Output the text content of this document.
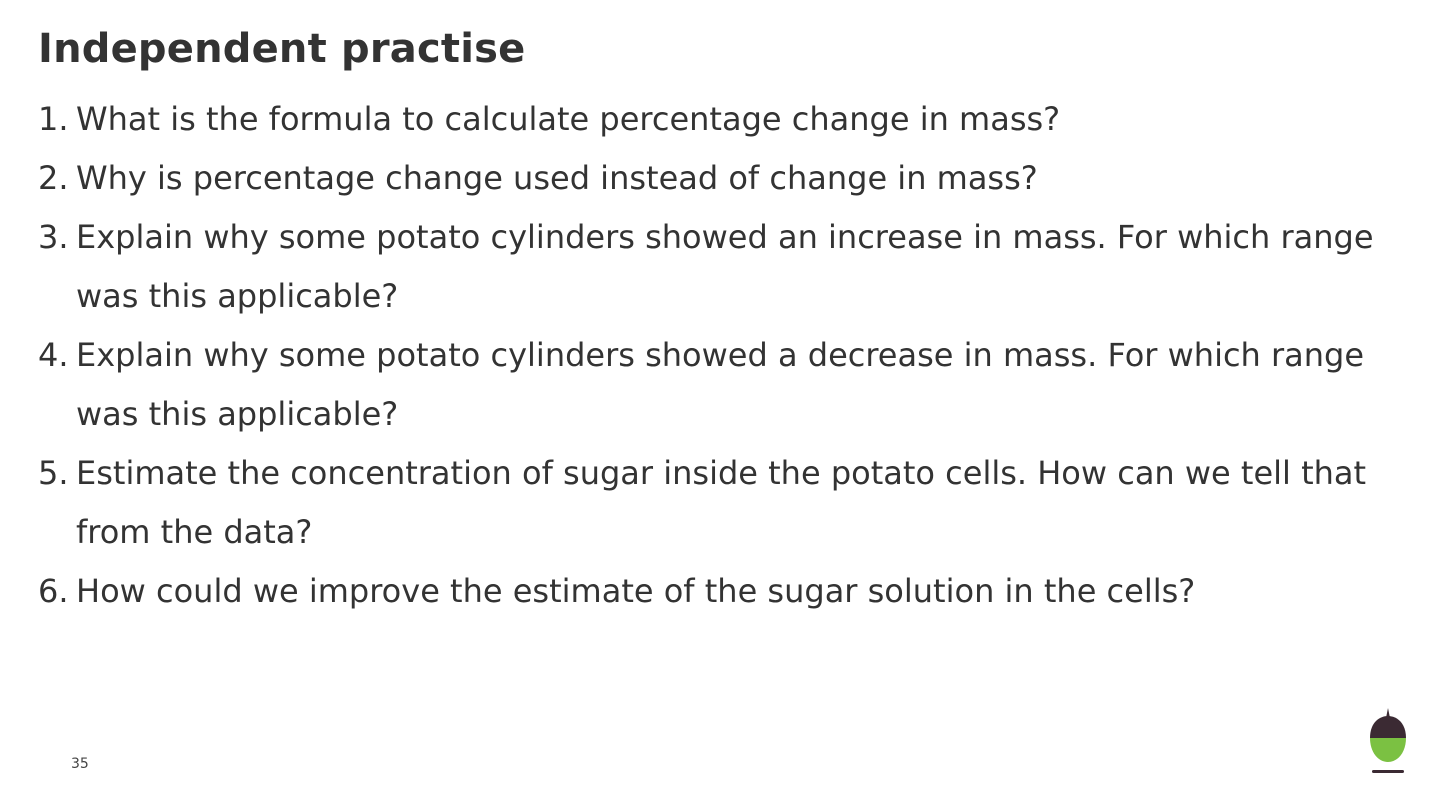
Independent practise
1. What is the formula to calculate percentage change in mass?
2. Why is percentage change used instead of change in mass?
3. Explain why some potato cylinders showed an increase in mass. For which range was this applicable?
4. Explain why some potato cylinders showed a decrease in mass. For which range was this applicable?
5. Estimate the concentration of sugar inside the potato cells. How can we tell that from the data?
6. How could we improve the estimate of the sugar solution in the cells?
35
